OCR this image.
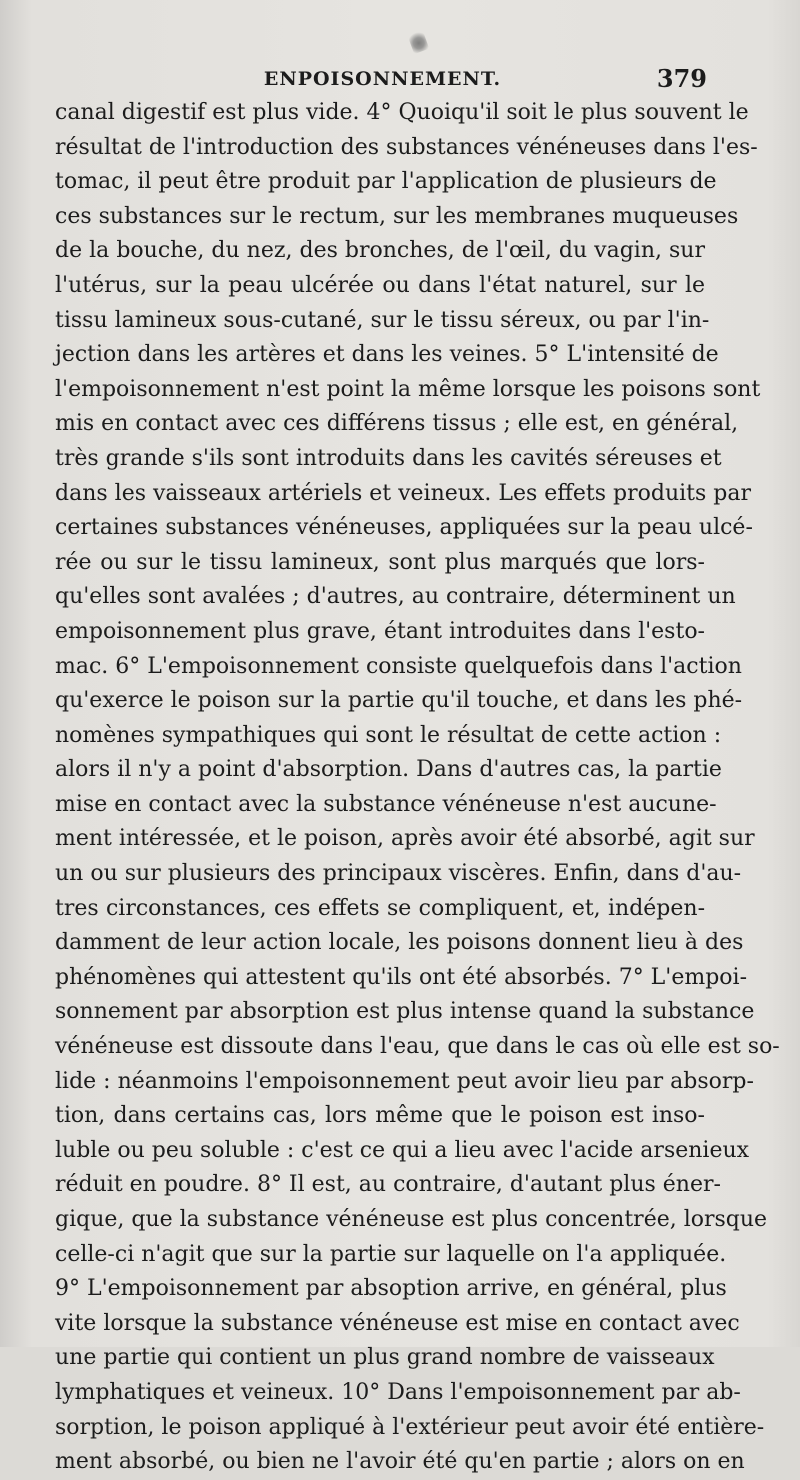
ENPOISONNEMENT.	379
canal digestif est plus vide. 4° Quoiqu'il soit le plus souvent le
résultat de l'introduction des substances vénéneuses dans l'es-
tomac, il peut être produit par l'application de plusieurs de
ces substances sur le rectum, sur les membranes muqueuses
de la bouche, du nez, des bronches, de l'œil, du vagin, sur
l'utérus, sur la peau ulcérée ou dans l'état naturel, sur le
tissu lamineux sous-cutané, sur le tissu séreux, ou par l'in-
jection dans les artères et dans les veines. 5° L'intensité de
l'empoisonnement n'est point la même lorsque les poisons sont
mis en contact avec ces différens tissus ; elle est, en général,
très grande s'ils sont introduits dans les cavités séreuses et
dans les vaisseaux artériels et veineux. Les effets produits par
certaines substances vénéneuses, appliquées sur la peau ulcé-
rée ou sur le tissu lamineux, sont plus marqués que lors-
qu'elles sont avalées ; d'autres, au contraire, déterminent un
empoisonnement plus grave, étant introduites dans l'esto-
mac. 6° L'empoisonnement consiste quelquefois dans l'action
qu'exerce le poison sur la partie qu'il touche, et dans les phé-
nomènes sympathiques qui sont le résultat de cette action :
alors il n'y a point d'absorption. Dans d'autres cas, la partie
mise en contact avec la substance vénéneuse n'est aucune-
ment intéressée, et le poison, après avoir été absorbé, agit sur
un ou sur plusieurs des principaux viscères. Enfin, dans d'au-
tres circonstances, ces effets se compliquent, et, indépen-
damment de leur action locale, les poisons donnent lieu à des
phénomènes qui attestent qu'ils ont été absorbés. 7° L'empoi-
sonnement par absorption est plus intense quand la substance
vénéneuse est dissoute dans l'eau, que dans le cas où elle est so-
lide : néanmoins l'empoisonnement peut avoir lieu par absorp-
tion, dans certains cas, lors même que le poison est inso-
luble ou peu soluble : c'est ce qui a lieu avec l'acide arsenieux
réduit en poudre. 8° Il est, au contraire, d'autant plus éner-
gique, que la substance vénéneuse est plus concentrée, lorsque
celle-ci n'agit que sur la partie sur laquelle on l'a appliquée.
9° L'empoisonnement par absoption arrive, en général, plus
vite lorsque la substance vénéneuse est mise en contact avec
une partie qui contient un plus grand nombre de vaisseaux
lymphatiques et veineux. 10° Dans l'empoisonnement par ab-
sorption, le poison appliqué à l'extérieur peut avoir été entière-
ment absorbé, ou bien ne l'avoir été qu'en partie ; alors on en
